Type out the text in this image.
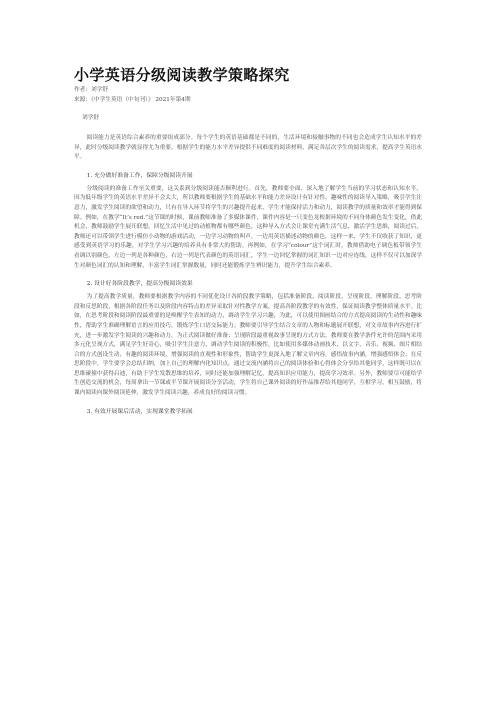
小学英语分级阅读教学策略探究
作者：刘学舒
来源：《中学生英语（中旬刊）》 2021年第4期
刘学舒

阅读能力是英语综合素养的重要组成部分。每个学生的英语基础都是不同的，生活环境和接触事物的不同也会造成学生认知水平的差异，此时分级阅读教学就显得尤为重要。根据学生的能力水平差异提供不同难度的阅读材料，满足各层次学生的阅读需求，提高学生英语水平。

1. 充分做好准备工作，保障分级阅读开展

分级阅读的准备工作至关重要，这关系到分级阅读能否顺利进行。首先，教师要全面、深入地了解学生当前的学习状态和认知水平，因为低年级学生的英语水平差异不会太大，所以教师要根据学生的基础水平和能力差异设计有针对性、趣味性的阅读导入策略，吸引学生注意力，激发学生阅读的欲望和动力，只有在导入环节将学生的兴趣提升起来，学生才能保持活力和动力，阅读教学的质量和效率才能得到保障。例如，在教学“It’s red.”这节课的时候，课前教师准备了多媒体课件，课件内容是一只变色龙根据环境的不同身体颜色发生变化，借此机会，教师鼓励学生展开联想，回忆生活中见过的动植物都有哪些颜色，这种导入方式会让课堂充满生活气息，激活学生思维，阅读过后，教师还可以带领学生进行模仿小动物的游戏活动，一边学习动物的叫声，一边用英语描述动物的颜色，这样一来，学生不仅收获了知识，更感受到英语学习的乐趣，对学生学习兴趣的培养具有非常大的帮助。再例如，在学习“colour”这个词汇时，教师借助电子调色板带领学生看调以别颜色，左边一列是各种颜色，右边一列是代表颜色的英语词汇，学生一边回忆掌握的词汇知识一边对应连线，这样不仅可以加深学生对颜色词汇的认知和理解，丰富学生词汇掌握数量，同时还能锻炼学生辨识能力，提升学生综合素养。

2. 设计好各阶段教学，提高分级阅读效果

为了提高教学质量，教师要根据教学内容的不同优化设计各阶段教学策略，包括准备阶段、阅读阶段、呈现阶段、理解阶段、思考阶段和反思阶段，根据各阶段任务以及阶段内容特点的差异采取针对性教学方案，提高各阶段教学的有效性，保证阅读教学整体质量水平。比如，在思考阶段和阅读阶段最重要的是唤醒学生表知的动力，调动学生学习兴趣，为此，可以使用图画结合的方式提高阅读的生动性和趣味性，帮助学生准确理解语言的应用技巧，锻炼学生口语交际能力；教师要引导学生结合文章的人物和标题展开联想，对文章故事内容进行扩充，进一步激发学生阅读的兴趣和动力，为正式阅读做好准备；呈现阶段最重视故事呈现的方式方法，教师要在教学条件允许的范围内采用多元化呈现方式，满足学生好奇心，吸引学生注意力，调动学生阅读的积极性，比如使用多媒体动画技术，以文字、音乐、视频、图片相结合的方式创设生动、有趣的阅读环境，增强阅读的直观性和形象性，帮助学生更深入地了解文章内容，感悟故事内涵，增强感悟体会；在反思阶段中，学生要学会总结归纳，加上自己的理解内化知识点，通过交流内涵将自己的阅读体验和心得体会分享给其他同学，这样既可以在思维碰撞中获得启迪，有助于学生发散思维的培养，同时还能加强理解记忆，提高知识应用能力，提高学习效率。另外，教师要尽可能给学生创造交流的机会，每周拿出一节课或半节课开展阅读分享活动，学生将自己课外阅读的好作品推荐给其他同学，互相学习，相互鼓励，将课内阅读向课外阅读延伸，激发学生阅读兴趣，养成良好的阅读习惯。

3. 有效开展课后活动，实现课堂教学拓展
